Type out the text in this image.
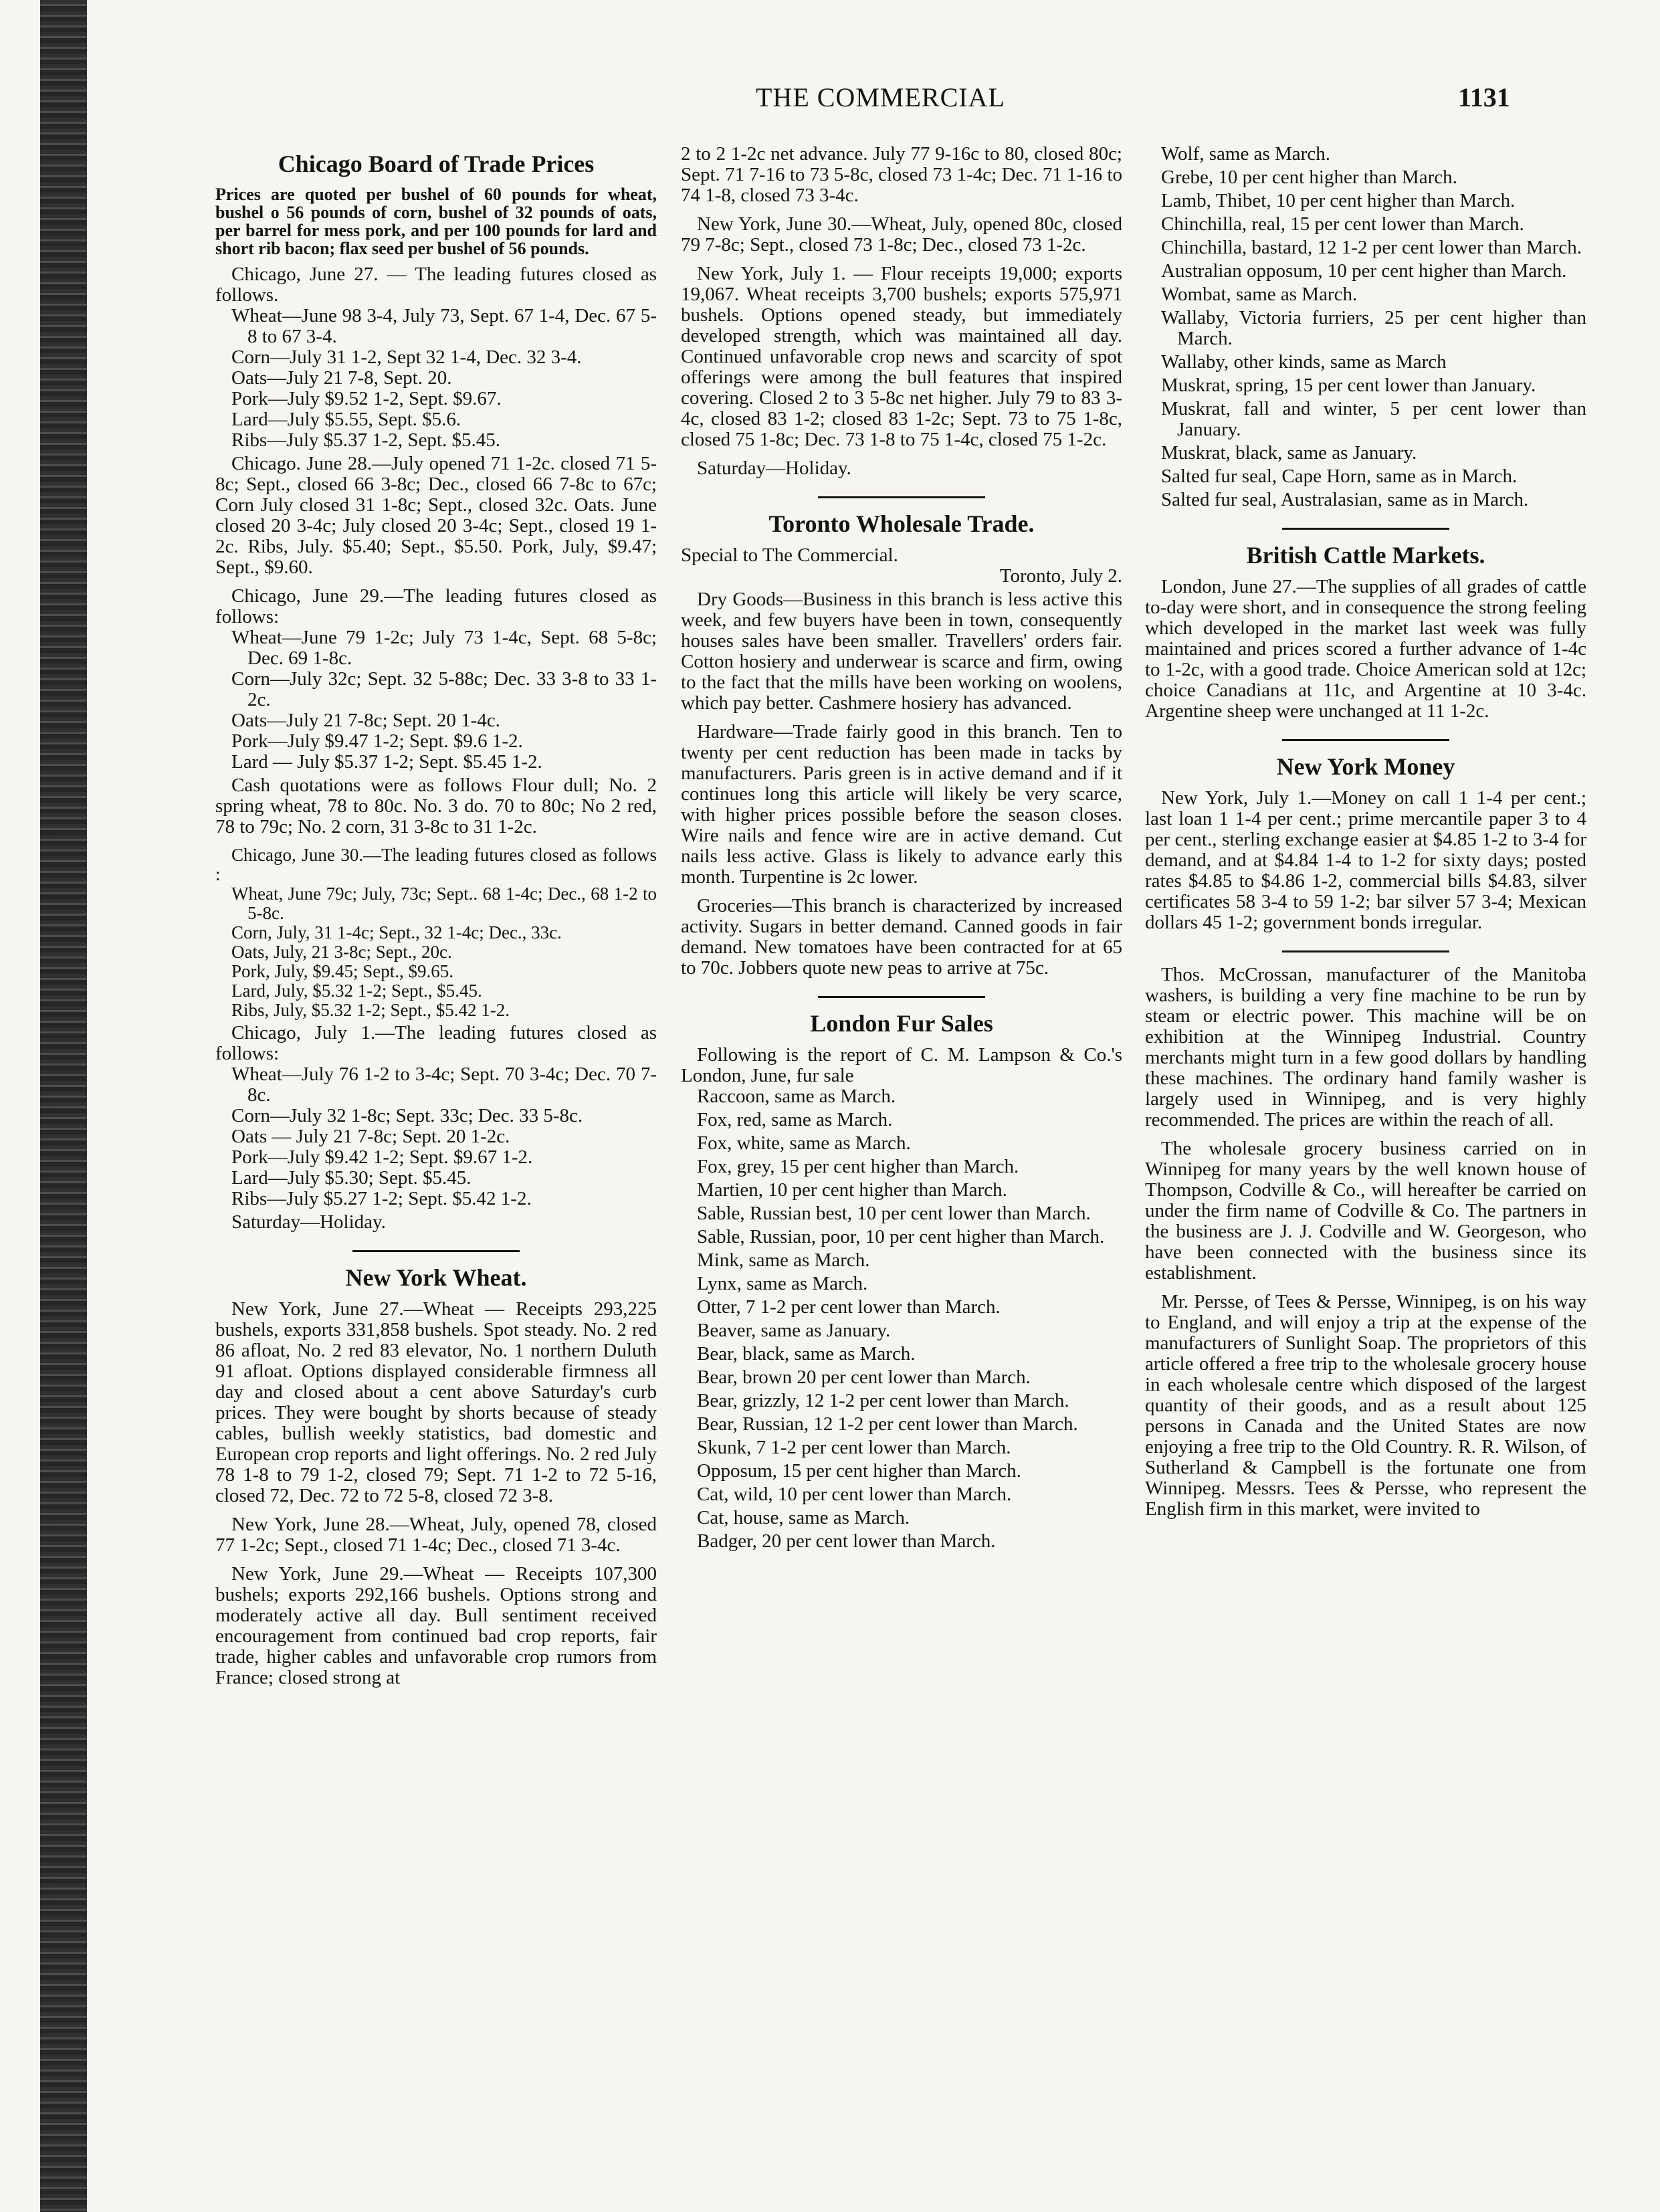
THE COMMERCIAL	1131
Chicago Board of Trade Prices

Prices are quoted per bushel of 60 pounds for wheat, bushel o 56 pounds of corn, bushel of 32 pounds of oats, per barrel for mess pork, and per 100 pounds for lard and short rib bacon; flax seed per bushel of 56 pounds.

Chicago, June 27. — The leading futures closed as follows.

Wheat—June 98 3-4, July 73, Sept. 67 1-4, Dec. 67 5-8 to 67 3-4.

Corn—July 31 1-2, Sept 32 1-4, Dec. 32 3-4.

Oats—July 21 7-8, Sept. 20.

Pork—July $9.52 1-2, Sept. $9.67.

Lard—July $5.55, Sept. $5.6.

Ribs—July $5.37 1-2, Sept. $5.45.

Chicago. June 28.—July opened 71 1-2c. closed 71 5-8c; Sept., closed 66 3-8c; Dec., closed 66 7-8c to 67c; Corn July closed 31 1-8c; Sept., closed 32c. Oats. June closed 20 3-4c; July closed 20 3-4c; Sept., closed 19 1-2c. Ribs, July. $5.40; Sept., $5.50. Pork, July, $9.47; Sept., $9.60.

Chicago, June 29.—The leading futures closed as follows:

Wheat—June 79 1-2c; July 73 1-4c, Sept. 68 5-8c; Dec. 69 1-8c.

Corn—July 32c; Sept. 32 5-88c; Dec. 33 3-8 to 33 1-2c.

Oats—July 21 7-8c; Sept. 20 1-4c.

Pork—July $9.47 1-2; Sept. $9.6 1-2.

Lard — July $5.37 1-2; Sept. $5.45 1-2.

Cash quotations were as follows Flour dull; No. 2 spring wheat, 78 to 80c. No. 3 do. 70 to 80c; No 2 red, 78 to 79c; No. 2 corn, 31 3-8c to 31 1-2c.

Chicago, June 30.—The leading futures closed as follows :

Wheat, June 79c; July, 73c; Sept.. 68 1-4c; Dec., 68 1-2 to 5-8c.

Corn, July, 31 1-4c; Sept., 32 1-4c; Dec., 33c.

Oats, July, 21 3-8c; Sept., 20c.

Pork, July, $9.45; Sept., $9.65.

Lard, July, $5.32 1-2; Sept., $5.45.

Ribs, July, $5.32 1-2; Sept., $5.42 1-2.

Chicago, July 1.—The leading futures closed as follows:

Wheat—July 76 1-2 to 3-4c; Sept. 70 3-4c; Dec. 70 7-8c.

Corn—July 32 1-8c; Sept. 33c; Dec. 33 5-8c.

Oats — July 21 7-8c; Sept. 20 1-2c.

Pork—July $9.42 1-2; Sept. $9.67 1-2.

Lard—July $5.30; Sept. $5.45.

Ribs—July $5.27 1-2; Sept. $5.42 1-2.

Saturday—Holiday.

New York Wheat.

New York, June 27.—Wheat — Receipts 293,225 bushels, exports 331,858 bushels. Spot steady. No. 2 red 86 afloat, No. 2 red 83 elevator, No. 1 northern Duluth 91 afloat. Options displayed considerable firmness all day and closed about a cent above Saturday's curb prices. They were bought by shorts because of steady cables, bullish weekly statistics, bad domestic and European crop reports and light offerings. No. 2 red July 78 1-8 to 79 1-2, closed 79; Sept. 71 1-2 to 72 5-16, closed 72, Dec. 72 to 72 5-8, closed 72 3-8.

New York, June 28.—Wheat, July, opened 78, closed 77 1-2c; Sept., closed 71 1-4c; Dec., closed 71 3-4c.

New York, June 29.—Wheat — Receipts 107,300 bushels; exports 292,166 bushels. Options strong and moderately active all day. Bull sentiment received encouragement from continued bad crop reports, fair trade, higher cables and unfavorable crop rumors from France; closed strong at

2 to 2 1-2c net advance. July 77 9-16c to 80, closed 80c; Sept. 71 7-16 to 73 5-8c, closed 73 1-4c; Dec. 71 1-16 to 74 1-8, closed 73 3-4c.

New York, June 30.—Wheat, July, opened 80c, closed 79 7-8c; Sept., closed 73 1-8c; Dec., closed 73 1-2c.

New York, July 1. — Flour receipts 19,000; exports 19,067. Wheat receipts 3,700 bushels; exports 575,971 bushels. Options opened steady, but immediately developed strength, which was maintained all day. Continued unfavorable crop news and scarcity of spot offerings were among the bull features that inspired covering. Closed 2 to 3 5-8c net higher. July 79 to 83 3-4c, closed 83 1-2; closed 83 1-2c; Sept. 73 to 75 1-8c, closed 75 1-8c; Dec. 73 1-8 to 75 1-4c, closed 75 1-2c.

Saturday—Holiday.

Toronto Wholesale Trade.

Special to The Commercial.

Toronto, July 2.

Dry Goods—Business in this branch is less active this week, and few buyers have been in town, consequently houses sales have been smaller. Travellers' orders fair. Cotton hosiery and underwear is scarce and firm, owing to the fact that the mills have been working on woolens, which pay better. Cashmere hosiery has advanced.

Hardware—Trade fairly good in this branch. Ten to twenty per cent reduction has been made in tacks by manufacturers. Paris green is in active demand and if it continues long this article will likely be very scarce, with higher prices possible before the season closes. Wire nails and fence wire are in active demand. Cut nails less active. Glass is likely to advance early this month. Turpentine is 2c lower.

Groceries—This branch is characterized by increased activity. Sugars in better demand. Canned goods in fair demand. New tomatoes have been contracted for at 65 to 70c. Jobbers quote new peas to arrive at 75c.

London Fur Sales

Following is the report of C. M. Lampson & Co.'s London, June, fur sale

Raccoon, same as March.

Fox, red, same as March.

Fox, white, same as March.

Fox, grey, 15 per cent higher than March.

Martien, 10 per cent higher than March.

Sable, Russian best, 10 per cent lower than March.

Sable, Russian, poor, 10 per cent higher than March.

Mink, same as March.

Lynx, same as March.

Otter, 7 1-2 per cent lower than March.

Beaver, same as January.

Bear, black, same as March.

Bear, brown 20 per cent lower than March.

Bear, grizzly, 12 1-2 per cent lower than March.

Bear, Russian, 12 1-2 per cent lower than March.

Skunk, 7 1-2 per cent lower than March.

Opposum, 15 per cent higher than March.

Cat, wild, 10 per cent lower than March.

Cat, house, same as March.

Badger, 20 per cent lower than March.

Wolf, same as March.

Grebe, 10 per cent higher than March.

Lamb, Thibet, 10 per cent higher than March.

Chinchilla, real, 15 per cent lower than March.

Chinchilla, bastard, 12 1-2 per cent lower than March.

Australian opposum, 10 per cent higher than March.

Wombat, same as March.

Wallaby, Victoria furriers, 25 per cent higher than March.

Wallaby, other kinds, same as March

Muskrat, spring, 15 per cent lower than January.

Muskrat, fall and winter, 5 per cent lower than January.

Muskrat, black, same as January.

Salted fur seal, Cape Horn, same as in March.

Salted fur seal, Australasian, same as in March.

British Cattle Markets.

London, June 27.—The supplies of all grades of cattle to-day were short, and in consequence the strong feeling which developed in the market last week was fully maintained and prices scored a further advance of 1-4c to 1-2c, with a good trade. Choice American sold at 12c; choice Canadians at 11c, and Argentine at 10 3-4c. Argentine sheep were unchanged at 11 1-2c.

New York Money

New York, July 1.—Money on call 1 1-4 per cent.; last loan 1 1-4 per cent.; prime mercantile paper 3 to 4 per cent., sterling exchange easier at $4.85 1-2 to 3-4 for demand, and at $4.84 1-4 to 1-2 for sixty days; posted rates $4.85 to $4.86 1-2, commercial bills $4.83, silver certificates 58 3-4 to 59 1-2; bar silver 57 3-4; Mexican dollars 45 1-2; government bonds irregular.

Thos. McCrossan, manufacturer of the Manitoba washers, is building a very fine machine to be run by steam or electric power. This machine will be on exhibition at the Winnipeg Industrial. Country merchants might turn in a few good dollars by handling these machines. The ordinary hand family washer is largely used in Winnipeg, and is very highly recommended. The prices are within the reach of all.

The wholesale grocery business carried on in Winnipeg for many years by the well known house of Thompson, Codville & Co., will hereafter be carried on under the firm name of Codville & Co. The partners in the business are J. J. Codville and W. Georgeson, who have been connected with the business since its establishment.

Mr. Persse, of Tees & Persse, Winnipeg, is on his way to England, and will enjoy a trip at the expense of the manufacturers of Sunlight Soap. The proprietors of this article offered a free trip to the wholesale grocery house in each wholesale centre which disposed of the largest quantity of their goods, and as a result about 125 persons in Canada and the United States are now enjoying a free trip to the Old Country. R. R. Wilson, of Sutherland & Campbell is the fortunate one from Winnipeg. Messrs. Tees & Persse, who represent the English firm in this market, were invited to
